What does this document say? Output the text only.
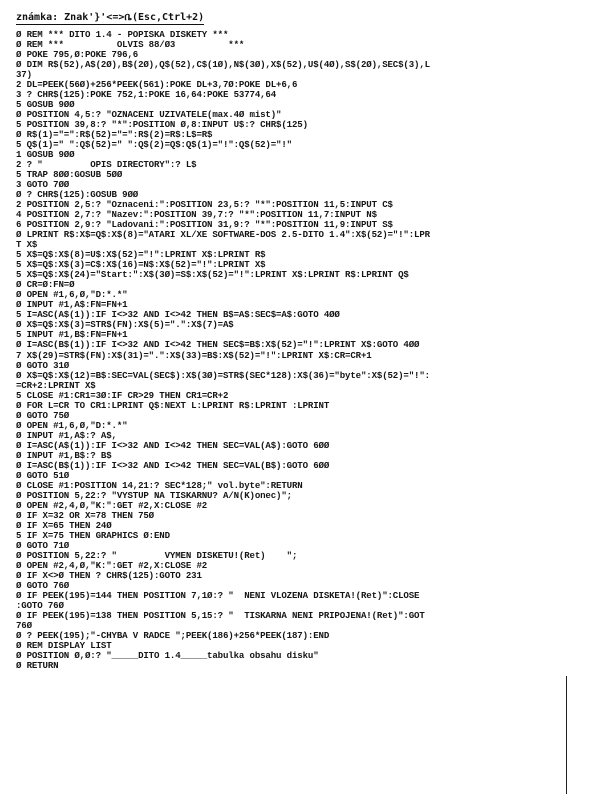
známka: Znak'}'<=>ቤ(Esc,Ctrl+2)
Ø REM *** DITO 1.4 - POPISKA DISKETY ***
Ø REM ***          OLVIS 88/Ø3          ***
Ø POKE 795,Ø:POKE 796,6
Ø DIM R$(52),A$(2Ø),B$(2Ø),Q$(52),C$(1Ø),N$(3Ø),X$(52),U$(4Ø),S$(2Ø),SEC$(3),L
37)
2 DL=PEEK(56Ø)+256*PEEK(561):POKE DL+3,7Ø:POKE DL+6,6
3 ? CHR$(125):POKE 752,1:POKE 16,64:POKE 53774,64
5 GOSUB 9ØØ
Ø POSITION 4,5:? "OZNACENI UZIVATELE(max.4Ø mist)"
5 POSITION 39,8:? "*":POSITION Ø,8:INPUT U$:? CHR$(125)
Ø R$(1)="=":R$(52)="=":R$(2)=R$:L$=R$
5 Q$(1)=" ":Q$(52)=" ":Q$(2)=Q$:Q$(1)="!":Q$(52)="!"
1 GOSUB 9ØØ
2 ? "         OPIS DIRECTORY":? L$
5 TRAP 8ØØ:GOSUB 5ØØ
3 GOTO 7ØØ
Ø ? CHR$(125):GOSUB 9ØØ
2 POSITION 2,5:? "Oznaceni:":POSITION 23,5:? "*":POSITION 11,5:INPUT C$
4 POSITION 2,7:? "Nazev:":POSITION 39,7:? "*":POSITION 11,7:INPUT N$
6 POSITION 2,9:? "Ladovani:":POSITION 31,9:? "*":POSITION 11,9:INPUT S$
Ø LPRINT R$:X$=Q$:X$(8)="ATARI XL/XE SOFTWARE-DOS 2.5-DITO 1.4":X$(52)="!":LPR
T X$
5 X$=Q$:X$(8)=U$:X$(52)="!":LPRINT X$:LPRINT R$
5 X$=Q$:X$(3)=C$:X$(16)=N$:X$(52)="!":LPRINT X$
5 X$=Q$:X$(24)="Start:":X$(3Ø)=S$:X$(52)="!":LPRINT X$:LPRINT R$:LPRINT Q$
Ø CR=Ø:FN=Ø
Ø OPEN #1,6,Ø,"D:*.*"
Ø INPUT #1,A$:FN=FN+1
5 I=ASC(A$(1)):IF I<>32 AND I<>42 THEN B$=A$:SEC$=A$:GOTO 4ØØ
Ø X$=Q$:X$(3)=STR$(FN):X$(5)=".":X$(7)=A$
5 INPUT #1,B$:FN=FN+1
Ø I=ASC(B$(1)):IF I<>32 AND I<>42 THEN SEC$=B$:X$(52)="!":LPRINT X$:GOTO 4ØØ
7 X$(29)=STR$(FN):X$(31)=".":X$(33)=B$:X$(52)="!":LPRINT X$:CR=CR+1
Ø GOTO 31Ø
Ø X$=Q$:X$(12)=B$:SEC=VAL(SEC$):X$(3Ø)=STR$(SEC*128):X$(36)="byte":X$(52)="!":
=CR+2:LPRINT X$
5 CLOSE #1:CR1=3Ø:IF CR>29 THEN CR1=CR+2
Ø FOR L=CR TO CR1:LPRINT Q$:NEXT L:LPRINT R$:LPRINT :LPRINT
Ø GOTO 75Ø
Ø OPEN #1,6,Ø,"D:*.*"
Ø INPUT #1,A$:? A$,
Ø I=ASC(A$(1)):IF I<>32 AND I<>42 THEN SEC=VAL(A$):GOTO 6ØØ
Ø INPUT #1,B$:? B$
Ø I=ASC(B$(1)):IF I<>32 AND I<>42 THEN SEC=VAL(B$):GOTO 6ØØ
Ø GOTO 51Ø
Ø CLOSE #1:POSITION 14,21:? SEC*128;" vol.byte":RETURN
Ø POSITION 5,22:? "VYSTUP NA TISKARNU? A/N(K)onec)";
Ø OPEN #2,4,Ø,"K:":GET #2,X:CLOSE #2
Ø IF X=32 OR X=78 THEN 75Ø
Ø IF X=65 THEN 24Ø
5 IF X=75 THEN GRAPHICS Ø:END
Ø GOTO 71Ø
Ø POSITION 5,22:? "         VYMEN DISKETU!(Ret)    ";
Ø OPEN #2,4,Ø,"K:":GET #2,X:CLOSE #2
Ø IF X<>Ø THEN ? CHR$(125):GOTO 231
Ø GOTO 76Ø
Ø IF PEEK(195)=144 THEN POSITION 7,1Ø:? "  NENI VLOZENA DISKETA!(Ret)":CLOSE
:GOTO 76Ø
Ø IF PEEK(195)=138 THEN POSITION 5,15:? "  TISKARNA NENI PRIPOJENA!(Ret)":GOT
76Ø
Ø ? PEEK(195);"-CHYBA V RADCE ";PEEK(186)+256*PEEK(187):END
Ø REM DISPLAY LIST
Ø POSITION Ø,Ø:? "_____DITO 1.4_____tabulka obsahu disku"
Ø RETURN
